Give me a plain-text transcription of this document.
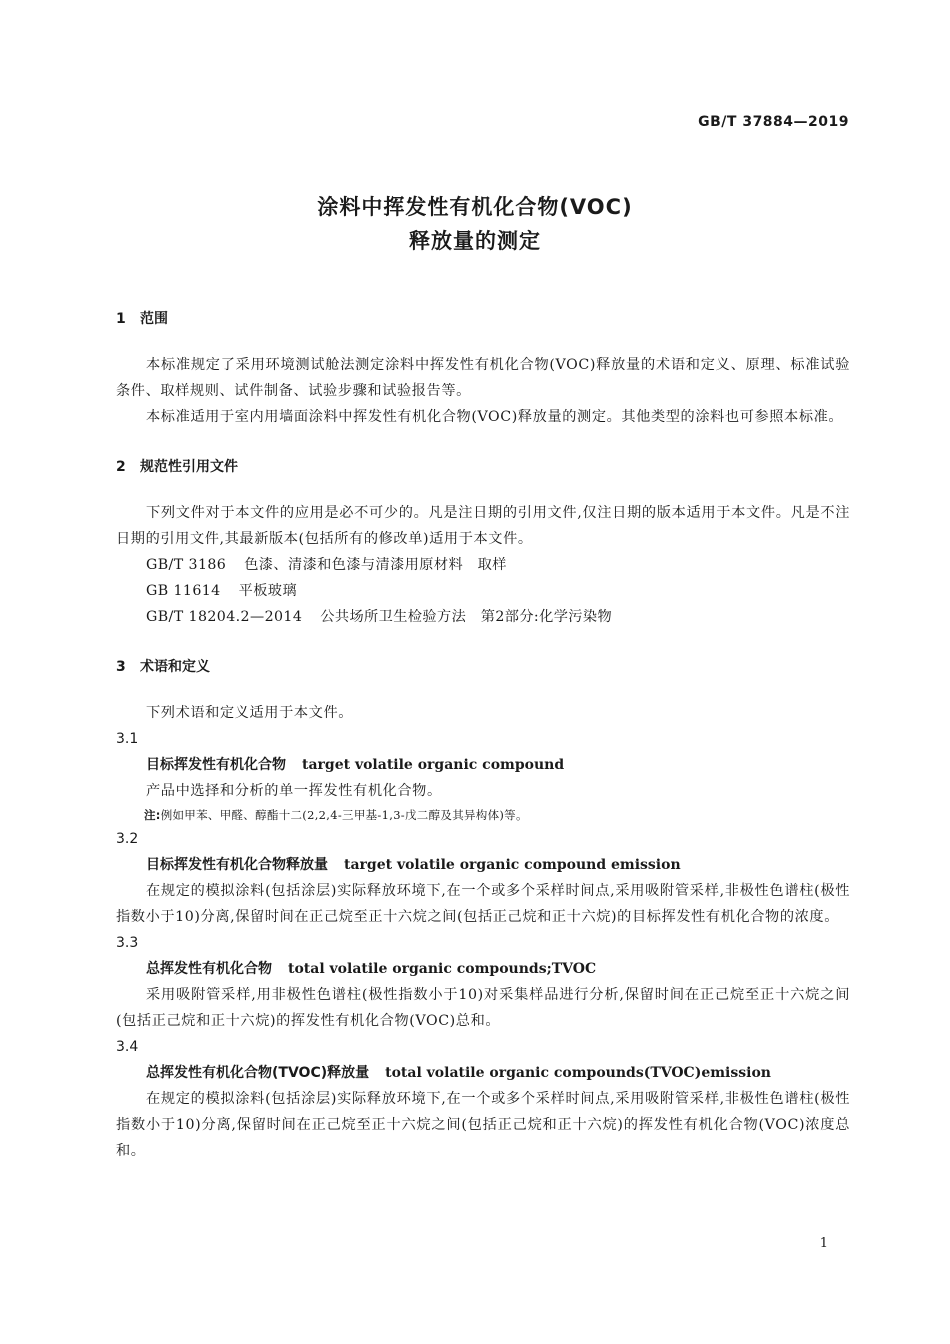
GB/T 37884—2019
涂料中挥发性有机化合物(VOC)
释放量的测定
1 范围
本标准规定了采用环境测试舱法测定涂料中挥发性有机化合物(VOC)释放量的术语和定义、原理、标准试验条件、取样规则、试件制备、试验步骤和试验报告等。
本标准适用于室内用墙面涂料中挥发性有机化合物(VOC)释放量的测定。其他类型的涂料也可参照本标准。
2 规范性引用文件
下列文件对于本文件的应用是必不可少的。凡是注日期的引用文件,仅注日期的版本适用于本文件。凡是不注日期的引用文件,其最新版本(包括所有的修改单)适用于本文件。
GB/T 3186 色漆、清漆和色漆与清漆用原材料　取样
GB 11614 平板玻璃
GB/T 18204.2—2014 公共场所卫生检验方法　第2部分:化学污染物
3 术语和定义
下列术语和定义适用于本文件。
3.1
目标挥发性有机化合物 target volatile organic compound
产品中选择和分析的单一挥发性有机化合物。
注:例如甲苯、甲醛、醇酯十二(2,2,4-三甲基-1,3-戊二醇及其异构体)等。
3.2
目标挥发性有机化合物释放量 target volatile organic compound emission
在规定的模拟涂料(包括涂层)实际释放环境下,在一个或多个采样时间点,采用吸附管采样,非极性色谱柱(极性指数小于10)分离,保留时间在正己烷至正十六烷之间(包括正己烷和正十六烷)的目标挥发性有机化合物的浓度。
3.3
总挥发性有机化合物 total volatile organic compounds;TVOC
采用吸附管采样,用非极性色谱柱(极性指数小于10)对采集样品进行分析,保留时间在正己烷至正十六烷之间(包括正己烷和正十六烷)的挥发性有机化合物(VOC)总和。
3.4
总挥发性有机化合物(TVOC)释放量 total volatile organic compounds(TVOC)emission
在规定的模拟涂料(包括涂层)实际释放环境下,在一个或多个采样时间点,采用吸附管采样,非极性色谱柱(极性指数小于10)分离,保留时间在正己烷至正十六烷之间(包括正己烷和正十六烷)的挥发性有机化合物(VOC)浓度总和。
1
